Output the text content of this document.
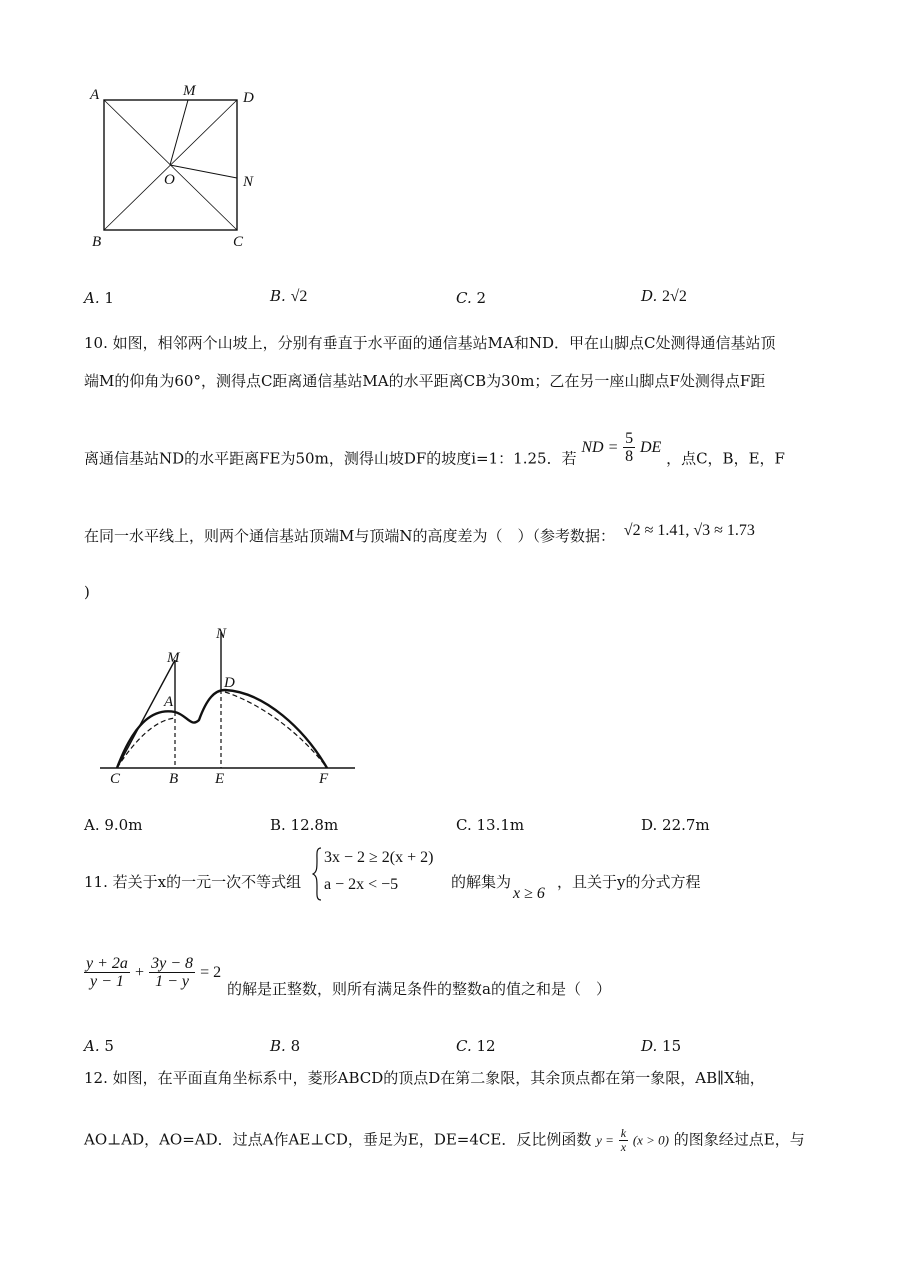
A	M	D
O	N
B	C
A. 1	B. √2	C. 2	D. 2√2
10. 如图，相邻两个山坡上，分别有垂直于水平面的通信基站MA和ND．甲在山脚点C处测得通信基站顶
端M的仰角为60°，测得点C距离通信基站MA的水平距离CB为30m；乙在另一座山脚点F处测得点F距
离通信基站ND的水平距离FE为50m，测得山坡DF的坡度i=1：1.25．若 ND = $\frac{5}{8}$ DE ，点C，B，E，F
在同一水平线上，则两个通信基站顶端M与顶端N的高度差为（　）（参考数据： √2 ≈ 1.41, √3 ≈ 1.73
)
N
M
A
D
C	B E	F
A. 9.0m	B. 12.8m	C. 13.1m	D. 22.7m
11. 若关于x的一元一次不等式组
3x − 2 ≥ 2(x + 2)
a − 2x < −5	的解集为
x ≥ 6
，且关于y的分式方程
$\frac{y + 2a}{y - 1} + \frac{3y - 8}{1 - y} = 2$
的解是正整数，则所有满足条件的整数a的值之和是（　）
A. 5	B. 8	C. 12	D. 15
12. 如图，在平面直角坐标系中，菱形ABCD的顶点D在第二象限，其余顶点都在第一象限，AB∥X轴，
AO⊥AD，AO=AD．过点A作AE⊥CD，垂足为E，DE=4CE．反比例函数 $y = \frac{k}{x} (x > 0)$ 的图象经过点E，与
